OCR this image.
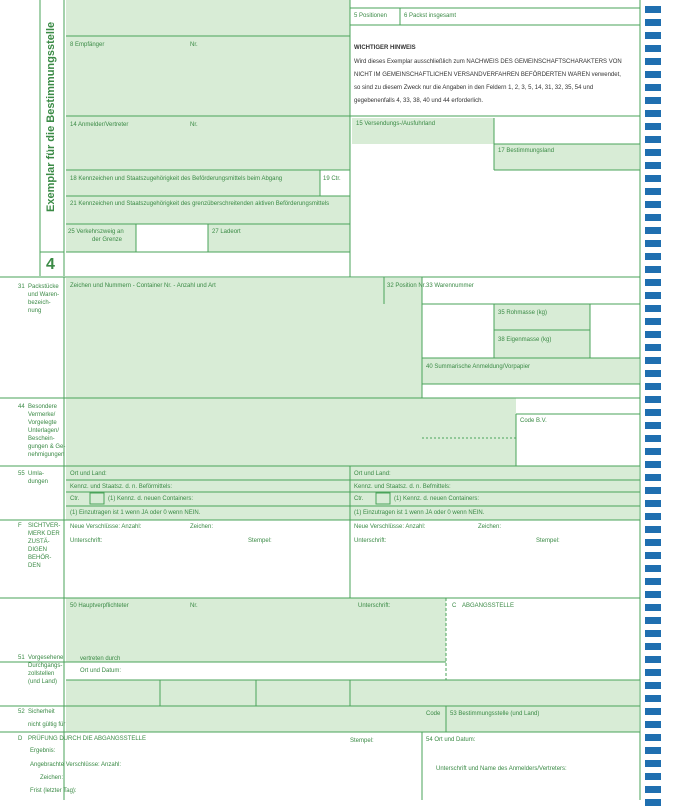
Exemplar für die Bestimmungsstelle
4
5 Positionen	6 Packst insgesamt
8 Empfänger	Nr.	WICHTIGER HINWEIS
Wird dieses Exemplar ausschließlich zum NACHWEIS DES GEMEINSCHAFTSCHARAKTERS VON
NICHT IM GEMEINSCHAFTLICHEN VERSANDVERFAHREN BEFÖRDERTEN WAREN verwendet,
so sind zu diesem Zweck nur die Angaben in den Feldern 1, 2, 3, 5, 14, 31, 32, 35, 54 und
gegebenenfalls 4, 33, 38, 40 und 44 erforderlich.
14 Anmelder/Vertreter	Nr.	15 Versendungs-/Ausfuhrland
17 Bestimmungsland
18 Kennzeichen und Staatszugehörigkeit des Beförderungsmittels beim Abgang	19 Ctr.
21 Kennzeichen und Staatszugehörigkeit des grenzüberschreitenden aktiven Beförderungsmittels
25 Verkehrszweig an
der Grenze
27 Ladeort
31 Packstücke
und Waren-
bezeich-
nung
Zeichen und Nummern - Container Nr. - Anzahl und Art	32 Position Nr. 33 Warennummer
35 Rohmasse (kg)
38 Eigenmasse (kg)
40 Summarische Anmeldung/Vorpapier
44 Besondere
Vermerke/
Vorgelegte
Unterlagen/
Beschein-
gungen & Ge-
nehmigungen
Code B.V.
55 Umla-
dungen
Ort und Land:	Ort und Land:
Kennz. und Staatsz. d. n. Beförmittels:	Kennz. und Staatsz. d. n. Befmittels:
Ctr.	(1) Kennz. d. neuen Containers:	Ctr.	(1) Kennz. d. neuen Containers:
(1) Einzutragen ist 1 wenn JA oder 0 wenn NEIN.	(1) Einzutragen ist 1 wenn JA oder 0 wenn NEIN.
F SICHTVER-
MERK DER
ZUSTÄ-
DIGEN
BEHÖR-
DEN
Neue Verschlüsse: Anzahl:	Zeichen:	Neue Verschlüsse: Anzahl:	Zeichen:
Unterschrift:	Stempel:	Unterschrift:	Stempel:
50 Hauptverpflichteter	Nr.	Unterschrift:	C ABGANGSSTELLE
51 Vorgesehene
Durchgangs-
zollstellen
(und Land)
vertreten durch
Ort und Datum:
52 Sicherheit
nicht gültig für
Code 53 Bestimmungsstelle (und Land)
D PRÜFUNG DURCH DIE ABGANGSSTELLE	Stempel:	54 Ort und Datum:
Ergebnis:
Angebrachte Verschlüsse: Anzahl:
Zeichen:
Frist (letzter Tag):
Unterschrift und Name des Anmelders/Vertreters:
